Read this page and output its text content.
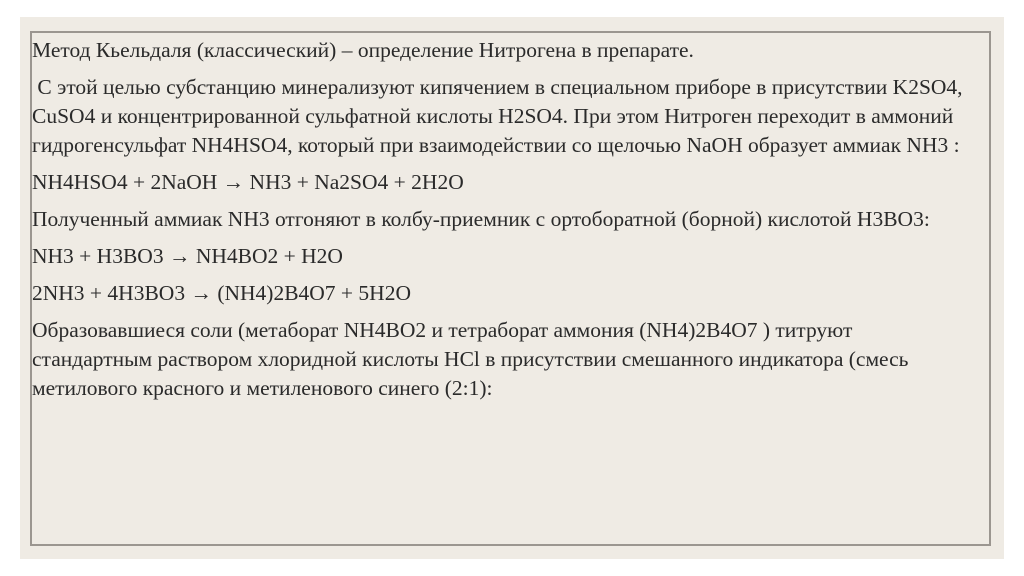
Метод Кьельдаля (классический) – определение Нитрогена в препарате.

С этой целью субстанцию минерализуют кипячением в специальном приборе в присутствии K2SO4, CuSO4 и концентрированной сульфатной кислоты H2SO4. При этом Нитроген переходит в аммоний гидрогенсульфат NH4HSO4, который при взаимодействии со щелочью NaOH образует аммиак NH3 :

NH4HSO4 + 2NaOH → NH3 + Na2SO4 + 2H2O

Полученный аммиак NH3 отгоняют в колбу-приемник с ортоборатной (борной) кислотой H3BO3:

NH3 + H3BO3 → NH4BO2 + H2O

2NH3 + 4H3BO3 → (NH4)2B4O7 + 5H2O

Образовавшиеся соли (метаборат NH4BO2 и тетраборат аммония (NH4)2B4O7 ) титруют стандартным раствором хлоридной кислоты HCl в присутствии смешанного индикатора (смесь метилового красного и метиленового синего (2:1):
